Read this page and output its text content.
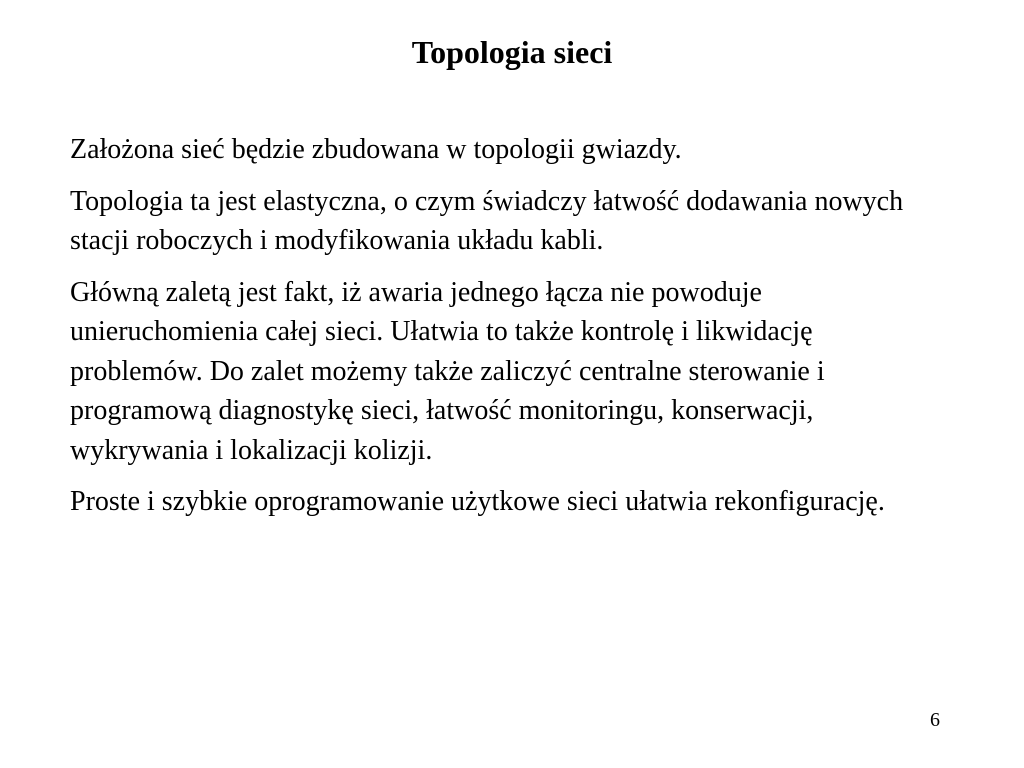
Topologia sieci

Założona sieć będzie zbudowana w topologii gwiazdy.

Topologia ta jest elastyczna, o czym świadczy łatwość dodawania nowych stacji roboczych i modyfikowania układu kabli.

Główną zaletą jest fakt, iż awaria jednego łącza nie powoduje unieruchomienia całej sieci. Ułatwia to także kontrolę i likwidację problemów. Do zalet możemy także zaliczyć centralne sterowanie i programową diagnostykę sieci, łatwość monitoringu, konserwacji, wykrywania i lokalizacji kolizji.

Proste i szybkie oprogramowanie użytkowe sieci ułatwia rekonfigurację.

6
